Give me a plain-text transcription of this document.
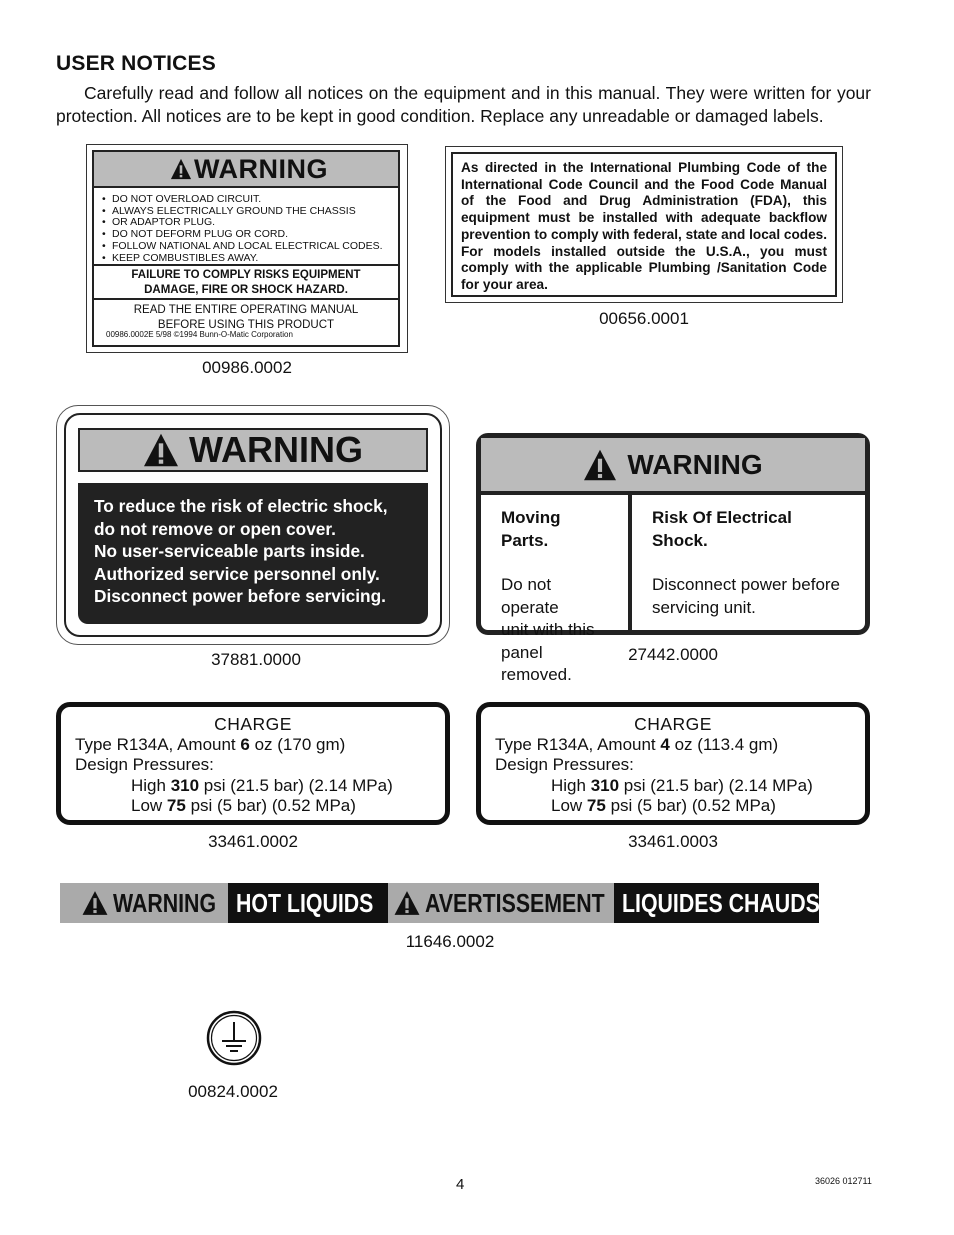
USER NOTICES

Carefully read and follow all notices on the equipment and in this manual. They were written for your protection. All notices are to be kept in good condition. Replace any unreadable or damaged labels.

WARNING
• DO NOT OVERLOAD CIRCUIT.
• ALWAYS ELECTRICALLY GROUND THE CHASSIS
• OR ADAPTOR PLUG.
• DO NOT DEFORM PLUG OR CORD.
• FOLLOW NATIONAL AND LOCAL ELECTRICAL CODES.
• KEEP COMBUSTIBLES AWAY.
FAILURE TO COMPLY RISKS EQUIPMENT
DAMAGE, FIRE OR SHOCK HAZARD.
READ THE ENTIRE OPERATING MANUAL
BEFORE USING THIS PRODUCT
00986.0002E 5/98 ©1994 Bunn-O-Matic Corporation
00986.0002
As directed in the International Plumbing Code of the International Code Council and the Food Code Manual of the Food and Drug Administration (FDA), this equipment must be installed with adequate backflow prevention to comply with federal, state and local codes. For models installed outside the U.S.A., you must comply with the applicable Plumbing /Sanitation Code for your area.
00656.0001
WARNING
To reduce the risk of electric shock,
do not remove or open cover.
No user-serviceable parts inside.
Authorized service personnel only.
Disconnect power before servicing.
37881.0000
WARNING
Moving Parts.
Do not operate
unit with this
panel removed.
Risk Of Electrical Shock.
Disconnect power before
servicing unit.
27442.0000
CHARGE
Type R134A, Amount 6 oz (170 gm)
Design Pressures:
High 310 psi (21.5 bar) (2.14 MPa)
Low 75 psi (5 bar) (0.52 MPa)
33461.0002
CHARGE
Type R134A, Amount 4 oz (113.4 gm)
Design Pressures:
High 310 psi (21.5 bar) (2.14 MPa)
Low 75 psi (5 bar) (0.52 MPa)
33461.0003
WARNING HOT LIQUIDS AVERTISSEMENT LIQUIDES CHAUDS
11646.0002
00824.0002
4	36026 012711
